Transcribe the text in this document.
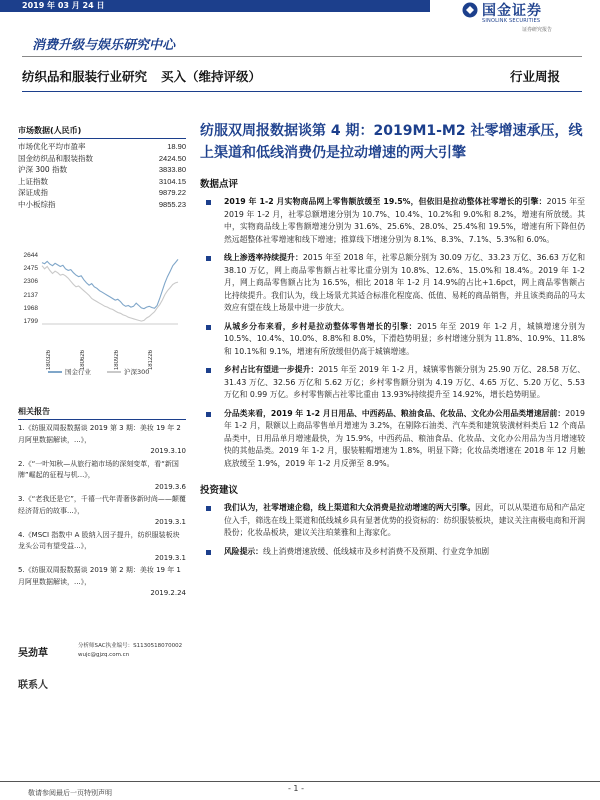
2019 年 03 月 24 日	国金证券
SINOLINK SECURITIES
证券研究报告
消费升级与娱乐研究中心
纺织品和服装行业研究 买入（维持评级）	行业周报
市场数据(人民币)
市场优化平均市盈率	18.90
国金纺织品和服装指数	2424.50
沪深 300 指数	3833.80
上证指数	3104.15
深证成指	9879.22
中小板综指	9855.23
2644
2475
2306
2137
1968
1799
180326	180626	180926	181226
国金行业	沪深300
相关报告
1.《纺服双周报数据谈 2019 第 3 期：美妆 19 年 2 月阿里数据解读，...》，
2019.3.10
2.《“一叶知秋—从旅行箱市场的深刻变革，看“新国牌”崛起的征程与机...》，
2019.3.6
3.《“老我还是它”，千禧一代年青奢侈新时尚——颠覆经济背后的故事...》，
2019.3.1
4.《MSCI 指数中 A 股纳入因子提升，纺织服装板块龙头公司有望受益...》，
2019.3.1
5.《纺服双周报数据谈 2019 第 2 期：美妆 19 年 1 月阿里数据解读，...》，
2019.2.24
吴劲草
分析师SAC执业编号：S1130518070002
wujc@gjzq.com.cn
联系人
纺服双周报数据谈第 4 期：2019M1-M2 社零增速承压，线上渠道和低线消费仍是拉动增速的两大引擎
数据点评
2019 年 1-2 月实物商品网上零售额放缓至 19.5%，但依旧是拉动整体社零增长的引擎：2015 年至 2019 年 1-2 月，社零总额增速分别为 10.7%、10.4%、10.2%和 9.0%和 8.2%，增速有所放缓。其中，实物商品线上零售额增速分别为 31.6%、25.6%、28.0%、25.4%和 19.5%，增速有所下降但仍然远超整体社零增速和线下增速；推算线下增速分别为 8.1%、8.3%、7.1%、5.3%和 6.0%。
线上渗透率持续提升：2015 年至 2018 年，社零总额分别为 30.09 万亿、33.23 万亿、36.63 万亿和 38.10 万亿，网上商品零售额占社零比重分别为 10.8%、12.6%、15.0%和 18.4%。2019 年 1-2 月，网上商品零售额占比为 16.5%，相比 2018 年 1-2 月 14.9%的占比+1.6pct，网上商品零售额占比持续提升。我们认为，线上场景尤其适合标准化程度高、低值、易耗的商品销售，并且该类商品的马太效应有望在线上场景中进一步放大。
从城乡分布来看，乡村是拉动整体零售增长的引擎：2015 年至 2019 年 1-2 月，城镇增速分别为 10.5%、10.4%、10.0%、8.8%和 8.0%，下滑趋势明显；乡村增速分别为 11.8%、10.9%、11.8%和 10.1%和 9.1%，增速有所放缓但仍高于城镇增速。
乡村占比有望进一步提升：2015 年至 2019 年 1-2 月，城镇零售额分别为 25.90 万亿、28.58 万亿、31.43 万亿、32.56 万亿和 5.62 万亿；乡村零售额分别为 4.19 万亿、4.65 万亿、5.20 万亿、5.53 万亿和 0.99 万亿。乡村零售额占社零比重由 13.93%持续提升至 14.92%，增长趋势明显。
分品类来看，2019 年 1-2 月日用品、中西药品、粮油食品、化妆品、文化办公用品类增速居前：2019 年 1-2 月，限额以上商品零售单月增速为 3.2%，在剔除石油类、汽车类和建筑装潢材料类后 12 个商品品类中，日用品单月增速最快，为 15.9%，中西药品、粮油食品、化妆品、文化办公用品为当月增速较快的其他品类。2019 年 1-2 月，服装鞋帽增速为 1.8%，明显下降；化妆品类增速在 2018 年 12 月触底放缓至 1.9%，2019 年 1-2 月反弹至 8.9%。
投资建议
我们认为，社零增速企稳，线上渠道和大众消费是拉动增速的两大引擎。因此，可以从渠道布局和产品定位入手，筛选在线上渠道和低线城乡具有显著优势的投资标的：纺织服装板块，建议关注南极电商和开润股份；化妆品板块，建议关注珀莱雅和上海家化。
风险提示：线上消费增速放缓、低线城市及乡村消费不及预期、行业竞争加剧
敬请参阅最后一页特别声明	- 1 -
